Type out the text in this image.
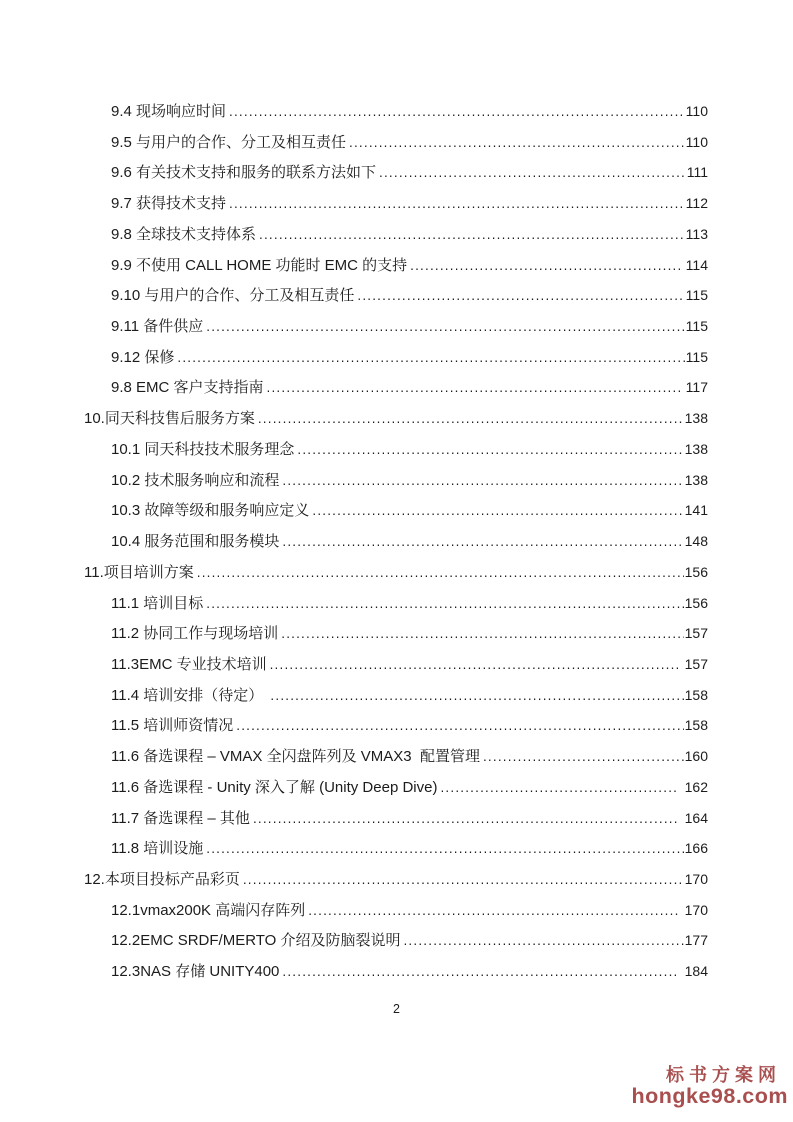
9.4 现场响应时间 .....	110
9.5 与用户的合作、分工及相互责任 .....	110
9.6 有关技术支持和服务的联系方法如下 .....	111
9.7 获得技术支持 .....	112
9.8 全球技术支持体系 .....	113
9.9 不使用 CALL HOME 功能时 EMC 的支持 .....	114
9.10 与用户的合作、分工及相互责任 .....	115
9.11 备件供应 .....	115
9.12 保修 .....	115
9.8 EMC 客户支持指南 .....	117
10.同天科技售后服务方案 .....	138
10.1 同天科技技术服务理念 .....	138
10.2 技术服务响应和流程 .....	138
10.3 故障等级和服务响应定义 .....	141
10.4 服务范围和服务模块 .....	148
11.项目培训方案 .....	156
11.1 培训目标 .....	156
11.2 协同工作与现场培训 .....	157
11.3EMC 专业技术培训 .....	157
11.4 培训安排（待定） .....	158
11.5 培训师资情况 .....	158
11.6 备选课程 – VMAX 全闪盘阵列及 VMAX3  配置管理 .....	160
11.6 备选课程 - Unity 深入了解 (Unity Deep Dive) .....	162
11.7 备选课程 – 其他 .....	164
11.8 培训设施 .....	166
12.本项目投标产品彩页 .....	170
12.1vmax200K 高端闪存阵列 .....	170
12.2EMC SRDF/MERTO 介绍及防脑裂说明 .....	177
12.3NAS 存储 UNITY400 .....	184
2
标书方案网
hongke98.com
